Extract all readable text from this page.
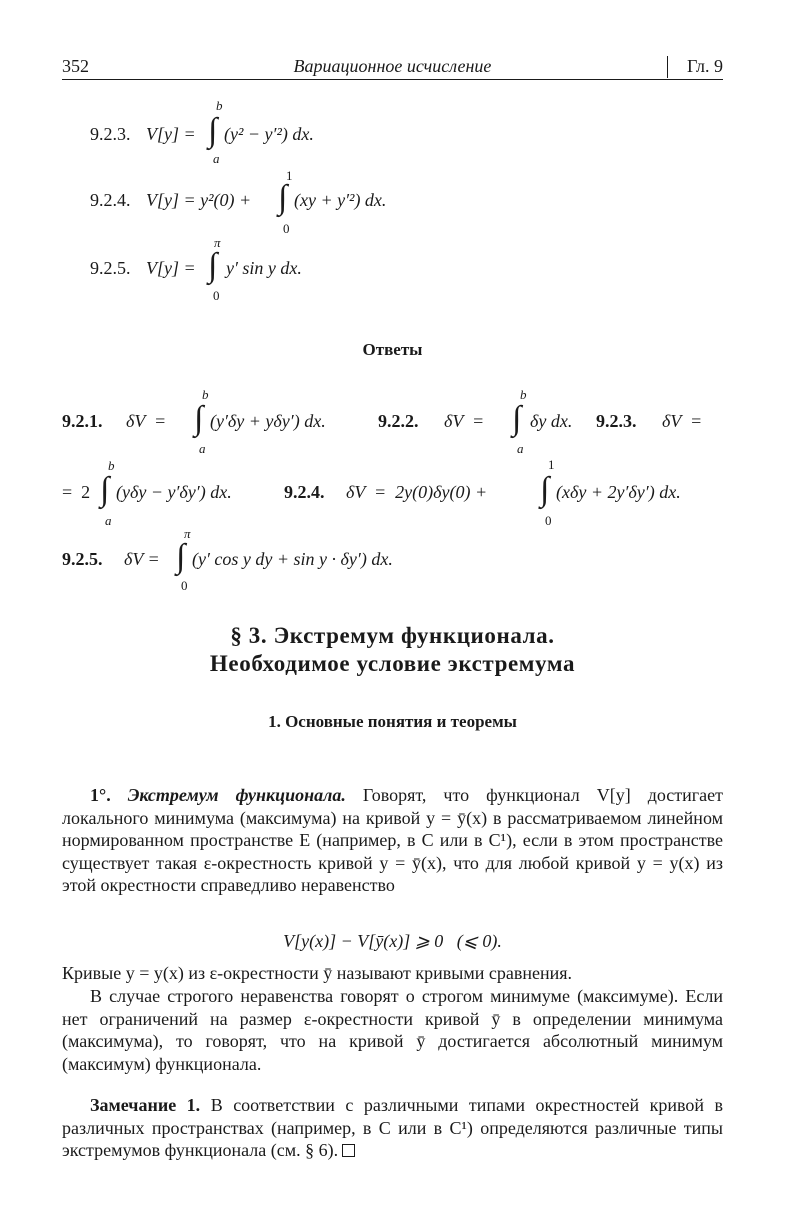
352	Вариационное исчисление	Гл. 9
9.2.3. V[y] =
b
∫
a
(y² − y′²) dx.
9.2.4. V[y] = y²(0) +
1
∫
0
(xy + y′²) dx.
9.2.5. V[y] =
π
∫
0
y′ sin y dx.
Ответы
9.2.1. δV  =
b
∫
a
(y′δy + yδy′) dx.	9.2.2. δV  =
b
∫
a
δy dx. 9.2.3. δV  =
=  2
b
∫
a
(yδy − y′δy′) dx.	9.2.4. δV  =  2y(0)δy(0) +
1
∫
0
(xδy + 2y′δy′) dx.
9.2.5. δV =
π
∫
0
(y′ cos y dy + sin y · δy′) dx.
§ 3. Экстремум функционала.
Необходимое условие экстремума
1. Основные понятия и теоремы

1°. Экстремум функционала. Говорят, что функционал V[y] достигает локального минимума (максимума) на кривой y = ȳ(x) в рассматриваемом линейном нормированном пространстве E (например, в C или в C¹), если в этом пространстве существует такая ε-окрестность кривой y = ȳ(x), что для любой кривой y = y(x) из этой окрестности справедливо неравенство

V[y(x)] − V[ȳ(x)] ⩾ 0   (⩽ 0).

Кривые y = y(x) из ε-окрестности ȳ называют кривыми сравнения.

В случае строгого неравенства говорят о строгом минимуме (максимуме). Если нет ограничений на размер ε-окрестности кривой ȳ в определении минимума (максимума), то говорят, что на кривой ȳ достигается абсолютный минимум (максимум) функционала.

Замечание 1. В соответствии с различными типами окрестностей кривой в различных пространствах (например, в C или в C¹) определяются различные типы экстремумов функционала (см. § 6).
